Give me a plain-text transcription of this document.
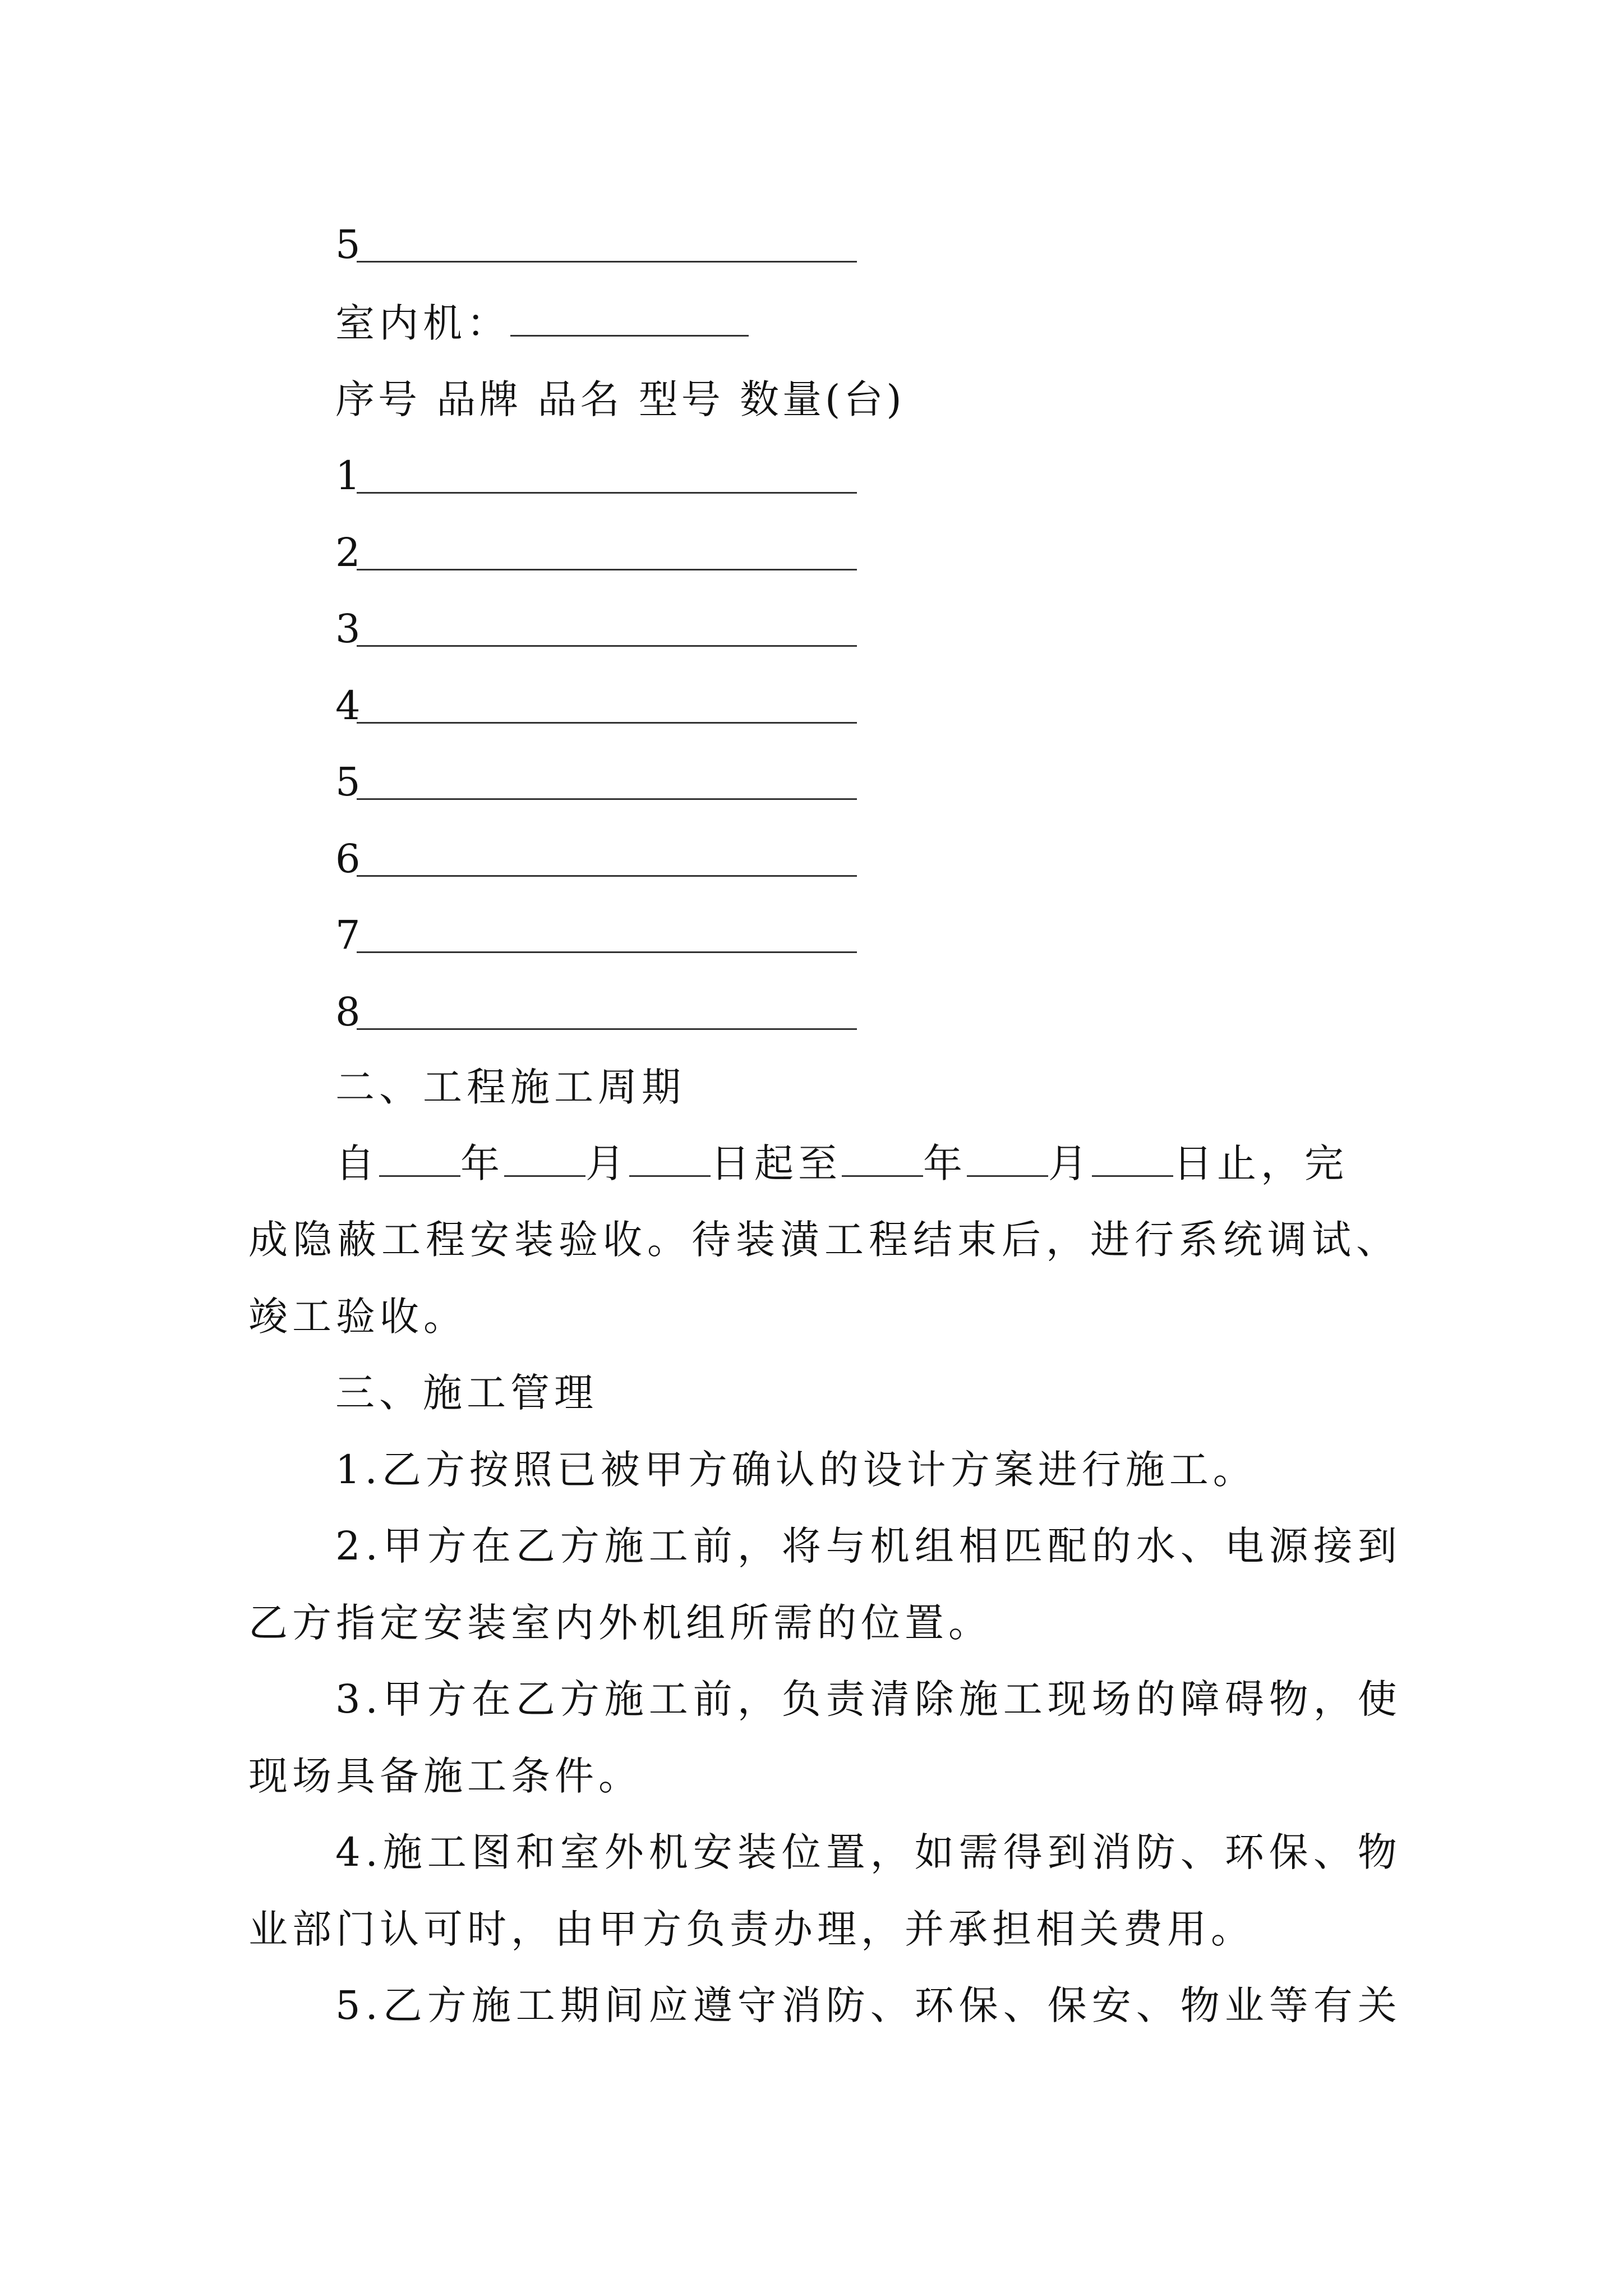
5
室内机：
序号 品牌 品名 型号 数量(台)
1
2
3
4
5
6
7
8
二、工程施工周期
自 年 月 日起至 年 月 日止，完
成隐蔽工程安装验收。待装潢工程结束后，进行系统调试、
竣工验收。
三、施工管理
1.乙方按照已被甲方确认的设计方案进行施工。
2.甲方在乙方施工前，将与机组相匹配的水、电源接到
乙方指定安装室内外机组所需的位置。
3.甲方在乙方施工前，负责清除施工现场的障碍物，使
现场具备施工条件。
4.施工图和室外机安装位置，如需得到消防、环保、物
业部门认可时，由甲方负责办理，并承担相关费用。
5.乙方施工期间应遵守消防、环保、保安、物业等有关
